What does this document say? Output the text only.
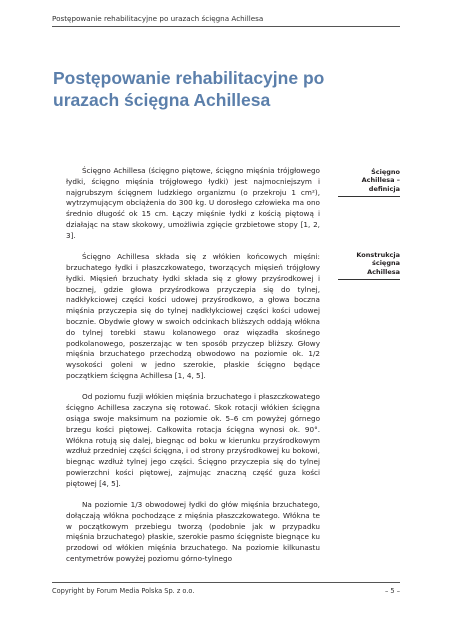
Postępowanie rehabilitacyjne po urazach ścięgna Achillesa
Postępowanie rehabilitacyjne po urazach ścięgna Achillesa
Ścięgno Achillesa – definicja
Konstrukcja ścięgna Achillesa

Ścięgno Achillesa (ścięgno piętowe, ścięgno mięśnia trójgłowego łydki, ścięgno mięśnia trójgłowego łydki) jest najmocniejszym i najgrubszym ścięgnem ludzkiego organizmu (o przekroju 1 cm²), wytrzymującym obciążenia do 300 kg. U dorosłego człowieka ma ono średnio długość ok 15 cm. Łączy mięśnie łydki z kością piętową i działając na staw skokowy, umożliwia zgięcie grzbietowe stopy [1, 2, 3].

Ścięgno Achillesa składa się z włókien końcowych mięśni: brzuchatego łydki i płaszczkowatego, tworzących mięsień trójgłowy łydki. Mięsień brzuchaty łydki składa się z głowy przyśrodkowej i bocznej, gdzie głowa przyśrodkowa przyczepia się do tylnej, nadkłykciowej części kości udowej przyśrodkowo, a głowa boczna mięśnia przyczepia się do tylnej nadkłykciowej części kości udowej bocznie. Obydwie głowy w swoich odcinkach bliższych oddają włókna do tylnej torebki stawu kolanowego oraz więzadła skośnego podkolanowego, poszerzając w ten sposób przyczep bliższy. Głowy mięśnia brzuchatego przechodzą obwodowo na poziomie ok. 1/2 wysokości goleni w jedno szerokie, płaskie ścięgno będące początkiem ścięgna Achillesa [1, 4, 5].

Od poziomu fuzji włókien mięśnia brzuchatego i płaszczkowatego ścięgno Achillesa zaczyna się rotować. Skok rotacji włókien ścięgna osiąga swoje maksimum na poziomie ok. 5–6 cm powyżej górnego brzegu kości piętowej. Całkowita rotacja ścięgna wynosi ok. 90°. Włókna rotują się dalej, biegnąc od boku w kierunku przyśrodkowym wzdłuż przedniej części ścięgna, i od strony przyśrodkowej ku bokowi, biegnąc wzdłuż tylnej jego części. Ścięgno przyczepia się do tylnej powierzchni kości piętowej, zajmując znaczną część guza kości piętowej [4, 5].

Na poziomie 1/3 obwodowej łydki do głów mięśnia brzuchatego, dołączają włókna pochodzące z mięśnia płaszczkowatego. Włókna te w początkowym przebiegu tworzą (podobnie jak w przypadku mięśnia brzuchatego) płaskie, szerokie pasmo ścięgniste biegnące ku przodowi od włókien mięśnia brzuchatego. Na poziomie kilkunastu centymetrów powyżej poziomu górno-tylnego

Copyright by Forum Media Polska Sp. z o.o.	– 5 –
